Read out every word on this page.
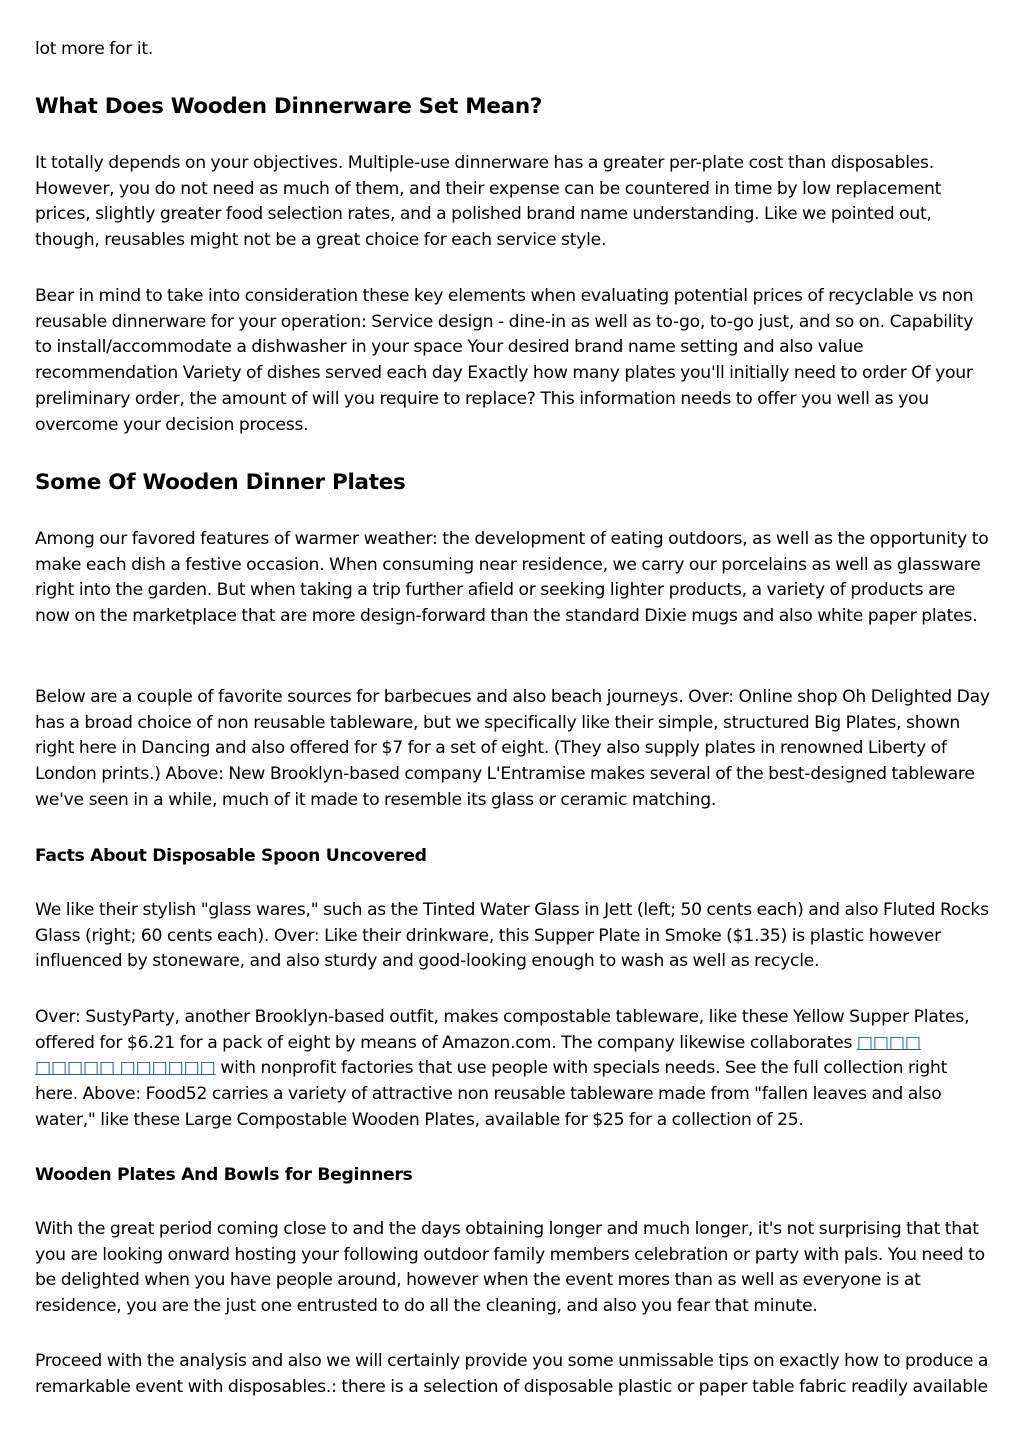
lot more for it.

What Does Wooden Dinnerware Set Mean?

It totally depends on your objectives. Multiple-use dinnerware has a greater per-plate cost than disposables. However, you do not need as much of them, and their expense can be countered in time by low replacement prices, slightly greater food selection rates, and a polished brand name understanding. Like we pointed out, though, reusables might not be a great choice for each service style.

Bear in mind to take into consideration these key elements when evaluating potential prices of recyclable vs non reusable dinnerware for your operation: Service design - dine-in as well as to-go, to-go just, and so on. Capability to install/accommodate a dishwasher in your space Your desired brand name setting and also value recommendation Variety of dishes served each day Exactly how many plates you'll initially need to order Of your preliminary order, the amount of will you require to replace? This information needs to offer you well as you overcome your decision process.

Some Of Wooden Dinner Plates

Among our favored features of warmer weather: the development of eating outdoors, as well as the opportunity to make each dish a festive occasion. When consuming near residence, we carry our porcelains as well as glassware right into the garden. But when taking a trip further afield or seeking lighter products, a variety of products are now on the marketplace that are more design-forward than the standard Dixie mugs and also white paper plates.

Below are a couple of favorite sources for barbecues and also beach journeys. Over: Online shop Oh Delighted Day has a broad choice of non reusable tableware, but we specifically like their simple, structured Big Plates, shown right here in Dancing and also offered for $7 for a set of eight. (They also supply plates in renowned Liberty of London prints.) Above: New Brooklyn-based company L'Entramise makes several of the best-designed tableware we've seen in a while, much of it made to resemble its glass or ceramic matching.

Facts About Disposable Spoon Uncovered

We like their stylish "glass wares," such as the Tinted Water Glass in Jett (left; 50 cents each) and also Fluted Rocks Glass (right; 60 cents each). Over: Like their drinkware, this Supper Plate in Smoke ($1.35) is plastic however influenced by stoneware, and also sturdy and good-looking enough to wash as well as recycle.

Over: SustyParty, another Brooklyn-based outfit, makes compostable tableware, like these Yellow Supper Plates, offered for $6.21 for a pack of eight by means of Amazon.com. The company likewise collaborates □□□□ □□□□□ □□□□□□ with nonprofit factories that use people with specials needs. See the full collection right here. Above: Food52 carries a variety of attractive non reusable tableware made from "fallen leaves and also water," like these Large Compostable Wooden Plates, available for $25 for a collection of 25.

Wooden Plates And Bowls for Beginners

With the great period coming close to and the days obtaining longer and much longer, it's not surprising that that you are looking onward hosting your following outdoor family members celebration or party with pals. You need to be delighted when you have people around, however when the event mores than as well as everyone is at residence, you are the just one entrusted to do all the cleaning, and also you fear that minute.

Proceed with the analysis and also we will certainly provide you some unmissable tips on exactly how to produce a remarkable event with disposables.: there is a selection of disposable plastic or paper table fabric readily available
